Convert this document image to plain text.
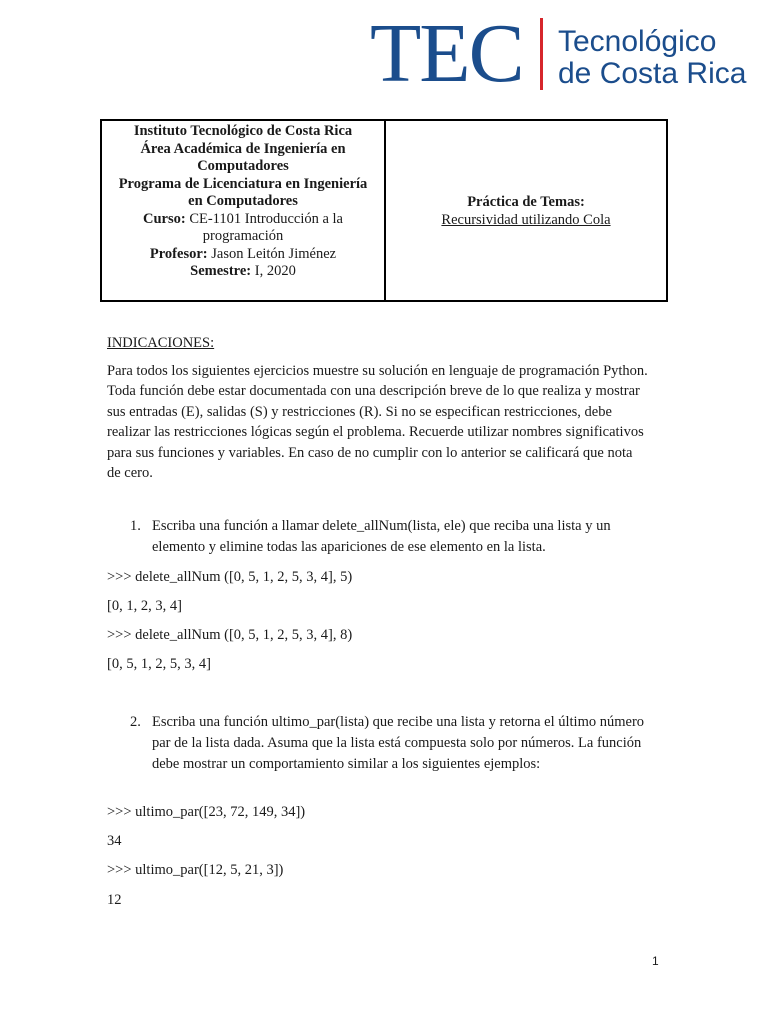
TEC Tecnológico
de Costa Rica
Instituto Tecnológico de Costa Rica
Área Académica de Ingeniería en
Computadores
Programa de Licenciatura en Ingeniería
en Computadores
Curso: CE-1101 Introducción a la
programación
Profesor: Jason Leitón Jiménez
Semestre: I, 2020
Práctica de Temas:
Recursividad utilizando Cola
INDICACIONES:
Para todos los siguientes ejercicios muestre su solución en lenguaje de programación Python.
Toda función debe estar documentada con una descripción breve de lo que realiza y mostrar
sus entradas (E), salidas (S) y restricciones (R). Si no se especifican restricciones, debe
realizar las restricciones lógicas según el problema. Recuerde utilizar nombres significativos
para sus funciones y variables. En caso de no cumplir con lo anterior se calificará que nota
de cero.
1. Escriba una función a llamar delete_allNum(lista, ele) que reciba una lista y un
elemento y elimine todas las apariciones de ese elemento en la lista.
>>> delete_allNum ([0, 5, 1, 2, 5, 3, 4], 5)
[0, 1, 2, 3, 4]
>>> delete_allNum ([0, 5, 1, 2, 5, 3, 4], 8)
[0, 5, 1, 2, 5, 3, 4]
2. Escriba una función ultimo_par(lista) que recibe una lista y retorna el último número
par de la lista dada. Asuma que la lista está compuesta solo por números. La función
debe mostrar un comportamiento similar a los siguientes ejemplos:
>>> ultimo_par([23, 72, 149, 34])
34
>>> ultimo_par([12, 5, 21, 3])
12
1
